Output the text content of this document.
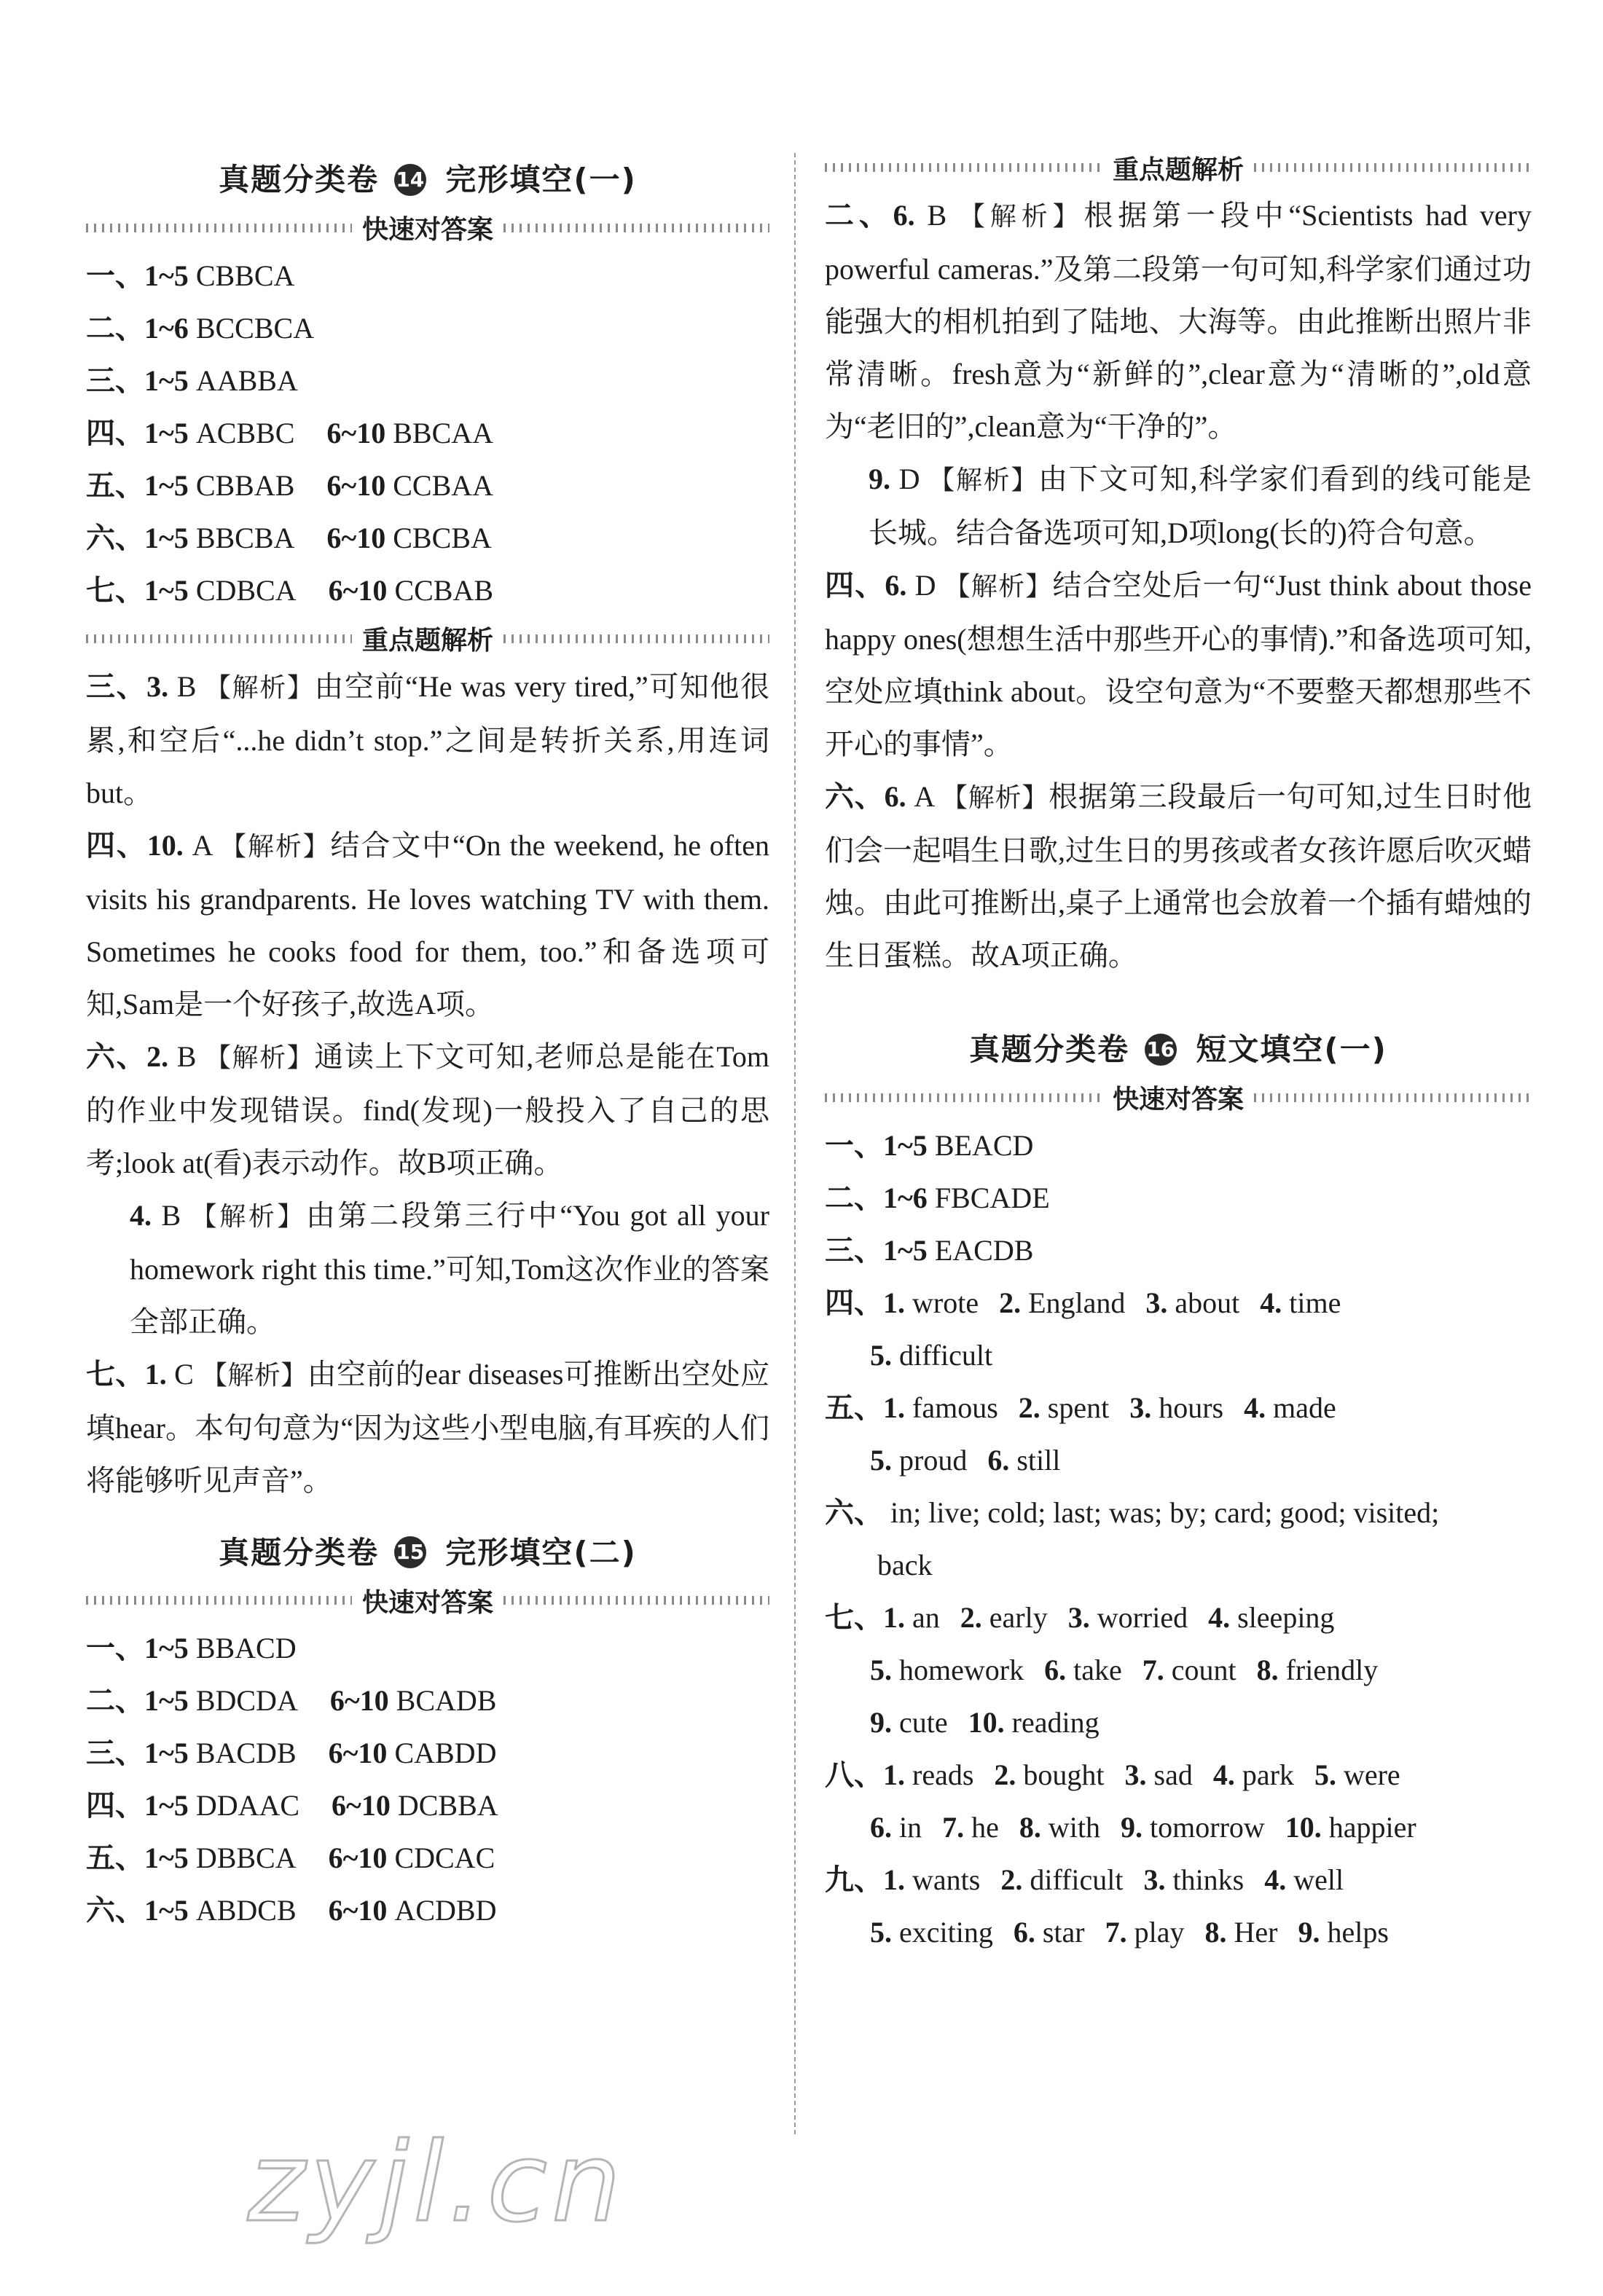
真题分类卷 14 完形填空(一)
快速对答案
一、1~5 CBBCA
二、1~6 BCCBCA
三、1~5 AABBA
四、1~5 ACBBC 6~10 BBCAA
五、1~5 CBBAB 6~10 CCBAA
六、1~5 BBCBA 6~10 CBCBA
七、1~5 CDBCA 6~10 CCBAB
重点题解析
三、3. B 【解析】由空前“He was very tired,”可知他很累,和空后“...he didn’t stop.”之间是转折关系,用连词but。
四、10. A 【解析】结合文中“On the weekend, he often visits his grandparents. He loves watching TV with them. Sometimes he cooks food for them, too.”和备选项可知,Sam是一个好孩子,故选A项。
六、2. B 【解析】通读上下文可知,老师总是能在Tom的作业中发现错误。find(发现)一般投入了自己的思考;look at(看)表示动作。故B项正确。
4. B 【解析】由第二段第三行中“You got all your homework right this time.”可知,Tom这次作业的答案全部正确。
七、1. C 【解析】由空前的ear diseases可推断出空处应填hear。本句句意为“因为这些小型电脑,有耳疾的人们将能够听见声音”。
真题分类卷 15 完形填空(二)
快速对答案
一、1~5 BBACD
二、1~5 BDCDA 6~10 BCADB
三、1~5 BACDB 6~10 CABDD
四、1~5 DDAAC 6~10 DCBBA
五、1~5 DBBCA 6~10 CDCAC
六、1~5 ABDCB 6~10 ACDBD
重点题解析
二、6. B 【解析】根据第一段中“Scientists had very powerful cameras.”及第二段第一句可知,科学家们通过功能强大的相机拍到了陆地、大海等。由此推断出照片非常清晰。fresh意为“新鲜的”,clear意为“清晰的”,old意为“老旧的”,clean意为“干净的”。
9. D 【解析】由下文可知,科学家们看到的线可能是长城。结合备选项可知,D项long(长的)符合句意。
四、6. D 【解析】结合空处后一句“Just think about those happy ones(想想生活中那些开心的事情).”和备选项可知,空处应填think about。设空句意为“不要整天都想那些不开心的事情”。
六、6. A 【解析】根据第三段最后一句可知,过生日时他们会一起唱生日歌,过生日的男孩或者女孩许愿后吹灭蜡烛。由此可推断出,桌子上通常也会放着一个插有蜡烛的生日蛋糕。故A项正确。
真题分类卷 16 短文填空(一)
快速对答案
一、1~5 BEACD
二、1~6 FBCADE
三、1~5 EACDB
四、1. wrote 2. England 3. about 4. time
5. difficult
五、1. famous 2. spent 3. hours 4. made
5. proud 6. still
六、 in; live; cold; last; was; by; card; good; visited;
back
七、1. an 2. early 3. worried 4. sleeping
5. homework 6. take 7. count 8. friendly
9. cute 10. reading
八、1. reads 2. bought 3. sad 4. park 5. were
6. in 7. he 8. with 9. tomorrow 10. happier
九、1. wants 2. difficult 3. thinks 4. well
5. exciting 6. star 7. play 8. Her 9. helps
zyjl.cn
